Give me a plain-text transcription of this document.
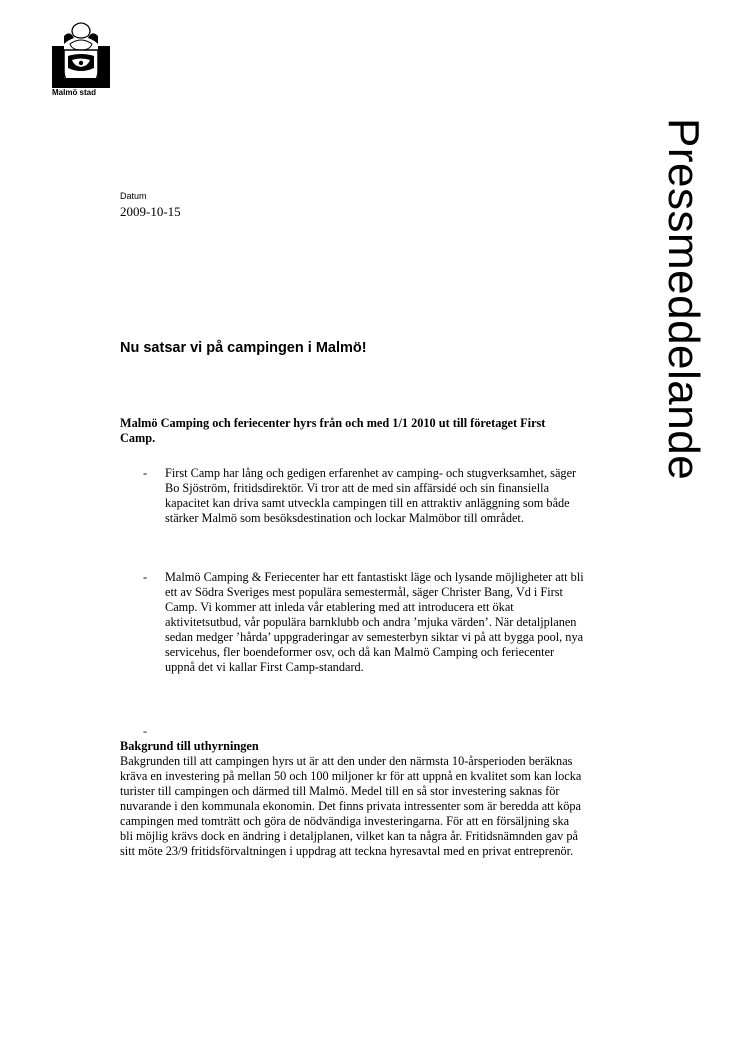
Malmö stad
Pressmeddelande
Datum
2009-10-15
Nu satsar vi på campingen i Malmö!
Malmö Camping och feriecenter hyrs från och med 1/1 2010 ut till företaget First Camp.
- First Camp har lång och gedigen erfarenhet av camping- och stugverksamhet, säger Bo Sjöström, fritidsdirektör. Vi tror att de med sin affärsidé och sin finansiella kapacitet kan driva samt utveckla campingen till en attraktiv anläggning som både stärker Malmö som besöksdestination och lockar Malmöbor till området.
- Malmö Camping & Feriecenter har ett fantastiskt läge och lysande möjligheter att bli ett av Södra Sveriges mest populära semestermål, säger Christer Bang, Vd i First Camp. Vi kommer att inleda vår etablering med att introducera ett ökat aktivitetsutbud, vår populära barnklubb och andra ’mjuka värden’. När detaljplanen sedan medger ’hårda’ uppgraderingar av semesterbyn siktar vi på att bygga pool, nya servicehus, fler boendeformer osv, och då kan Malmö Camping och feriecenter uppnå det vi kallar First Camp-standard.
-
Bakgrund till uthyrningen
Bakgrunden till att campingen hyrs ut är att den under den närmsta 10-årsperioden beräknas kräva en investering på mellan 50 och 100 miljoner kr för att uppnå en kvalitet som kan locka turister till campingen och därmed till Malmö. Medel till en så stor investering saknas för nuvarande i den kommunala ekonomin. Det finns privata intressenter som är beredda att köpa campingen med tomträtt och göra de nödvändiga investeringarna. För att en försäljning ska bli möjlig krävs dock en ändring i detaljplanen, vilket kan ta några år. Fritidsnämnden gav på sitt möte 23/9 fritidsförvaltningen i uppdrag att teckna hyresavtal med en privat entreprenör.
